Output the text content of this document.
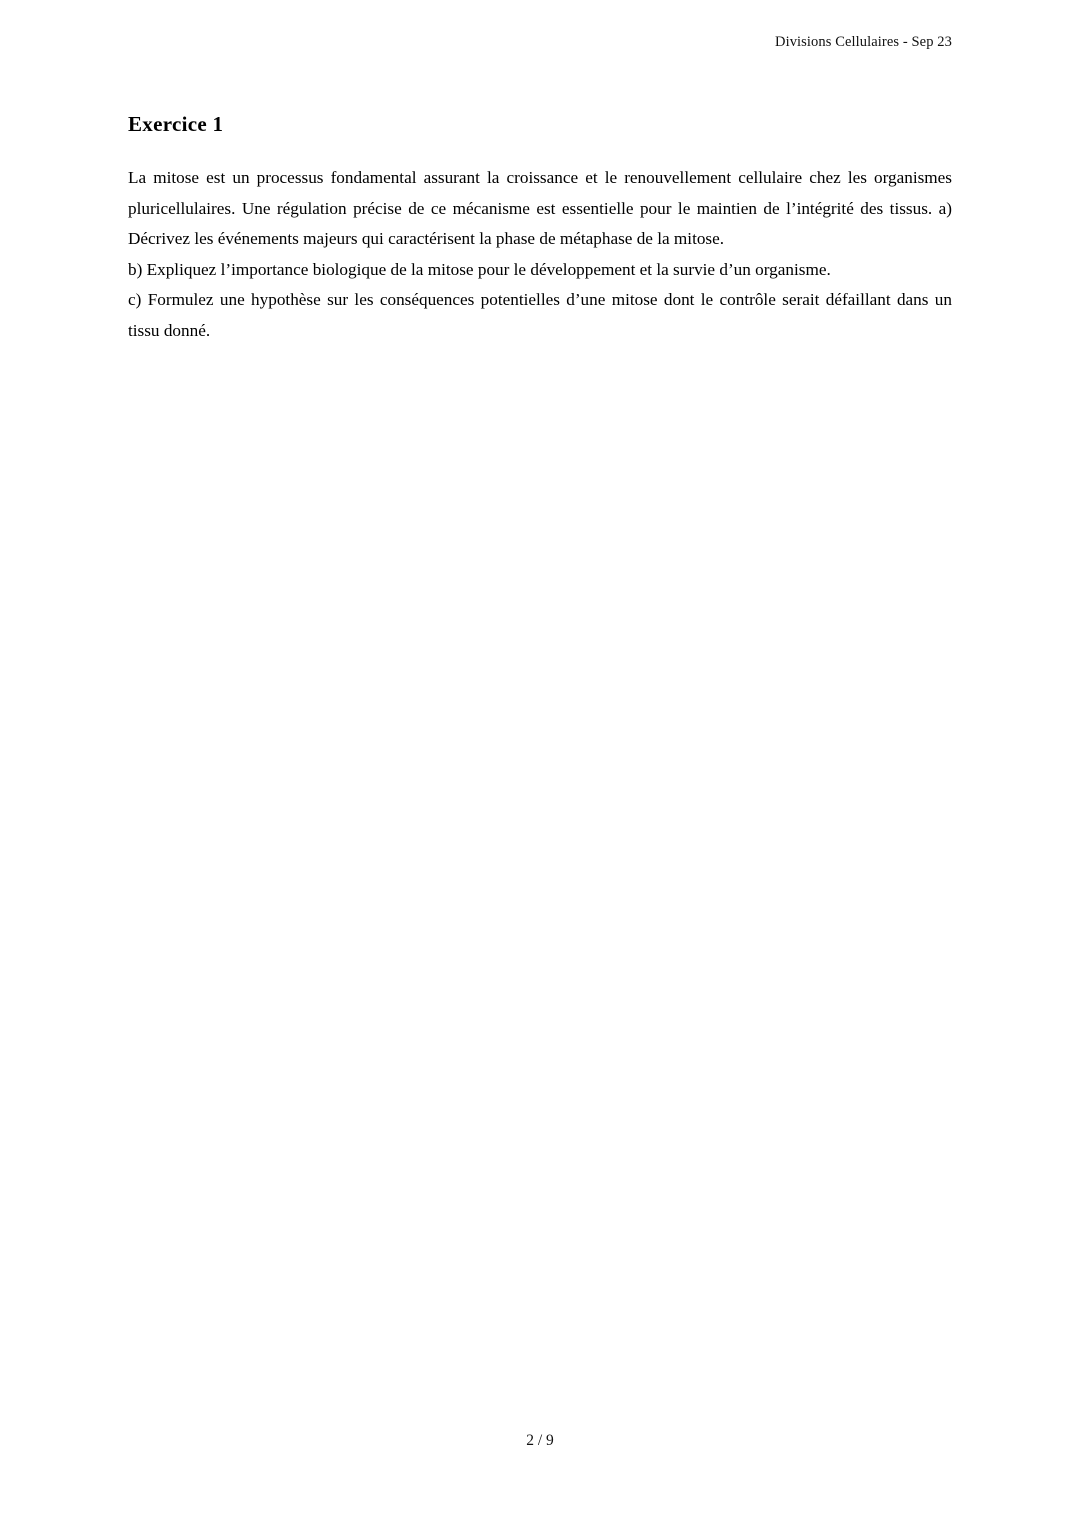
Divisions Cellulaires - Sep 23
Exercice 1

La mitose est un processus fondamental assurant la croissance et le renouvellement cellulaire chez les organismes pluricellulaires. Une régulation précise de ce mécanisme est essentielle pour le maintien de l’intégrité des tissus. a) Décrivez les événements majeurs qui caractérisent la phase de métaphase de la mitose.

b) Expliquez l’importance biologique de la mitose pour le développement et la survie d’un organisme.

c) Formulez une hypothèse sur les conséquences potentielles d’une mitose dont le contrôle serait défaillant dans un tissu donné.

2 / 9
